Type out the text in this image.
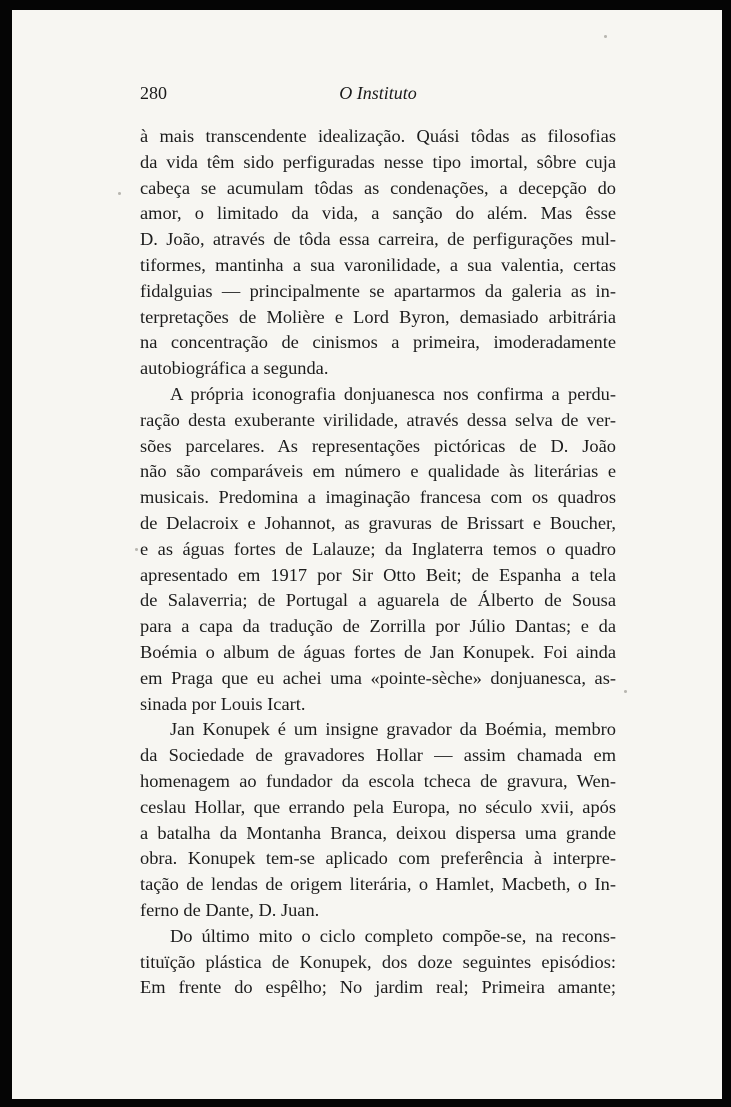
280	O Instituto
à mais transcendente idealização. Quási tôdas as filosofias
da vida têm sido perfiguradas nesse tipo imortal, sôbre cuja
cabeça se acumulam tôdas as condenações, a decepção do
amor, o limitado da vida, a sanção do além. Mas êsse
D. João, através de tôda essa carreira, de perfigurações mul-
tiformes, mantinha a sua varonilidade, a sua valentia, certas
fidalguias — principalmente se apartarmos da galeria as in-
terpretações de Molière e Lord Byron, demasiado arbitrária
na concentração de cinismos a primeira, imoderadamente
autobiográfica a segunda.
A própria iconografia donjuanesca nos confirma a perdu-
ração desta exuberante virilidade, através dessa selva de ver-
sões parcelares. As representações pictóricas de D. João
não são comparáveis em número e qualidade às literárias e
musicais. Predomina a imaginação francesa com os quadros
de Delacroix e Johannot, as gravuras de Brissart e Boucher,
e as águas fortes de Lalauze; da Inglaterra temos o quadro
apresentado em 1917 por Sir Otto Beit; de Espanha a tela
de Salaverria; de Portugal a aguarela de Álberto de Sousa
para a capa da tradução de Zorrilla por Júlio Dantas; e da
Boémia o album de águas fortes de Jan Konupek. Foi ainda
em Praga que eu achei uma «pointe-sèche» donjuanesca, as-
sinada por Louis Icart.
Jan Konupek é um insigne gravador da Boémia, membro
da Sociedade de gravadores Hollar — assim chamada em
homenagem ao fundador da escola tcheca de gravura, Wen-
ceslau Hollar, que errando pela Europa, no século xvii, após
a batalha da Montanha Branca, deixou dispersa uma grande
obra. Konupek tem-se aplicado com preferência à interpre-
tação de lendas de origem literária, o Hamlet, Macbeth, o In-
ferno de Dante, D. Juan.
Do último mito o ciclo completo compõe-se, na recons-
tituïção plástica de Konupek, dos doze seguintes episódios:
Em frente do espêlho; No jardim real; Primeira amante;
